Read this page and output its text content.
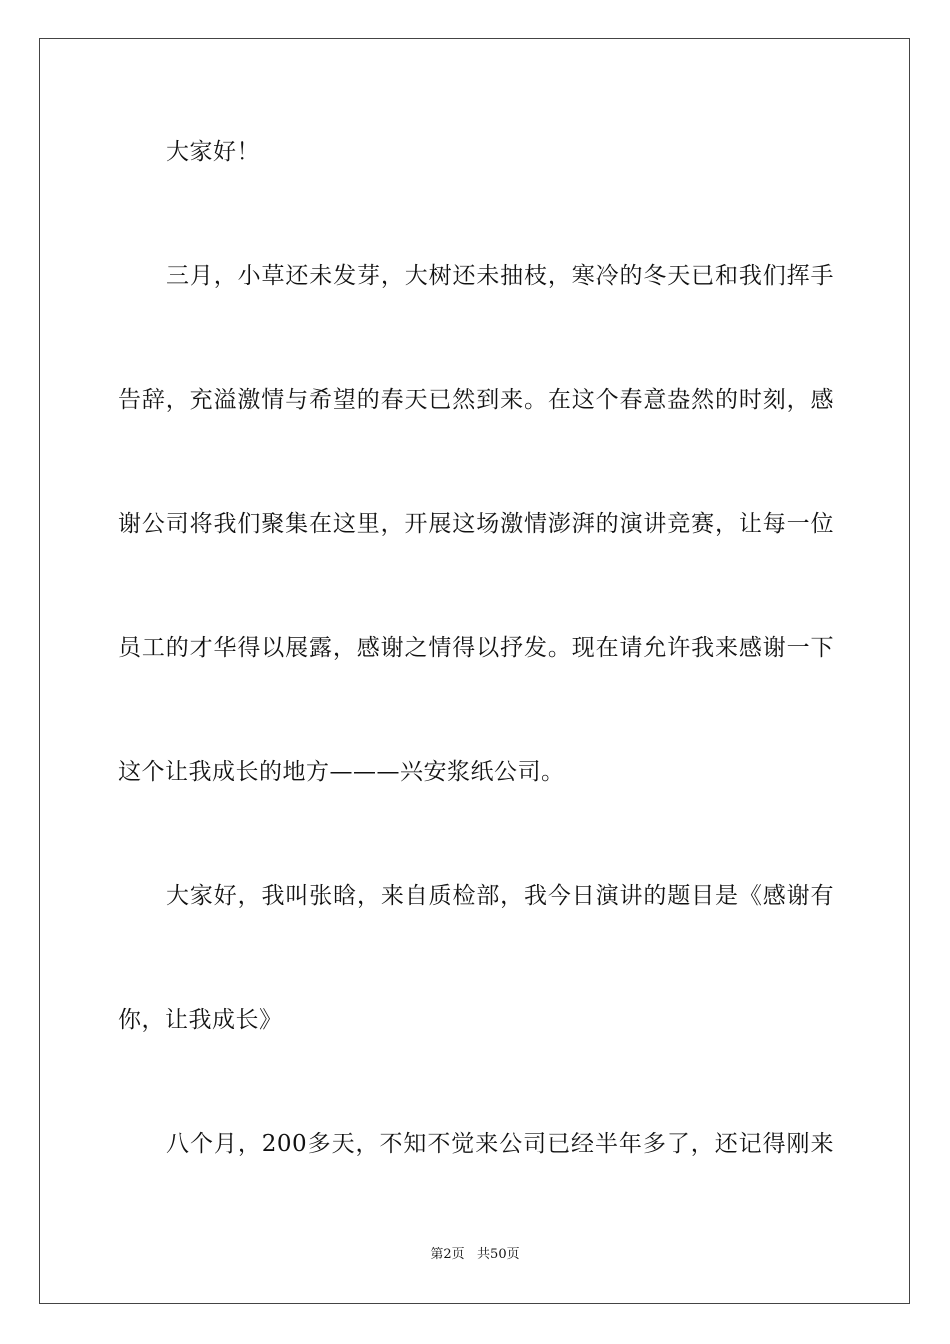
大家好！
三月，小草还未发芽，大树还未抽枝，寒冷的冬天已和我们挥手
告辞，充溢激情与希望的春天已然到来。在这个春意盎然的时刻，感
谢公司将我们聚集在这里，开展这场激情澎湃的演讲竞赛，让每一位
员工的才华得以展露，感谢之情得以抒发。现在请允许我来感谢一下
这个让我成长的地方———兴安浆纸公司。
大家好，我叫张晗，来自质检部，我今日演讲的题目是《感谢有
你，让我成长》
八个月，200多天，不知不觉来公司已经半年多了，还记得刚来
第2页   共50页
